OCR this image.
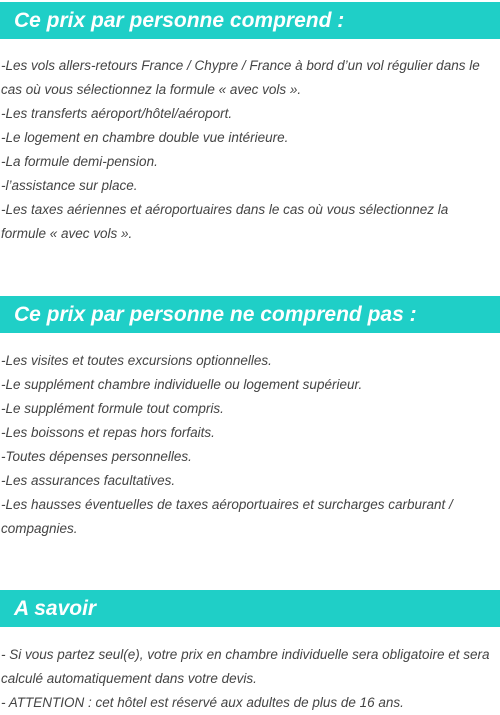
Ce prix par personne comprend :
-Les vols allers-retours France / Chypre / France à bord d’un vol régulier dans le cas où vous sélectionnez la formule « avec vols ».
-Les transferts aéroport/hôtel/aéroport.
-Le logement en chambre double vue intérieure.
-La formule demi-pension.
-l’assistance sur place.
-Les taxes aériennes et aéroportuaires dans le cas où vous sélectionnez la formule « avec vols ».
Ce prix par personne ne comprend pas :
-Les visites et toutes excursions optionnelles.
-Le supplément chambre individuelle ou logement supérieur.
-Le supplément formule tout compris.
-Les boissons et repas hors forfaits.
-Toutes dépenses personnelles.
-Les assurances facultatives.
-Les hausses éventuelles de taxes aéroportuaires et surcharges carburant / compagnies.
A savoir
- Si vous partez seul(e), votre prix en chambre individuelle sera obligatoire et sera calculé automatiquement dans votre devis.
- ATTENTION : cet hôtel est réservé aux adultes de plus de 16 ans.
